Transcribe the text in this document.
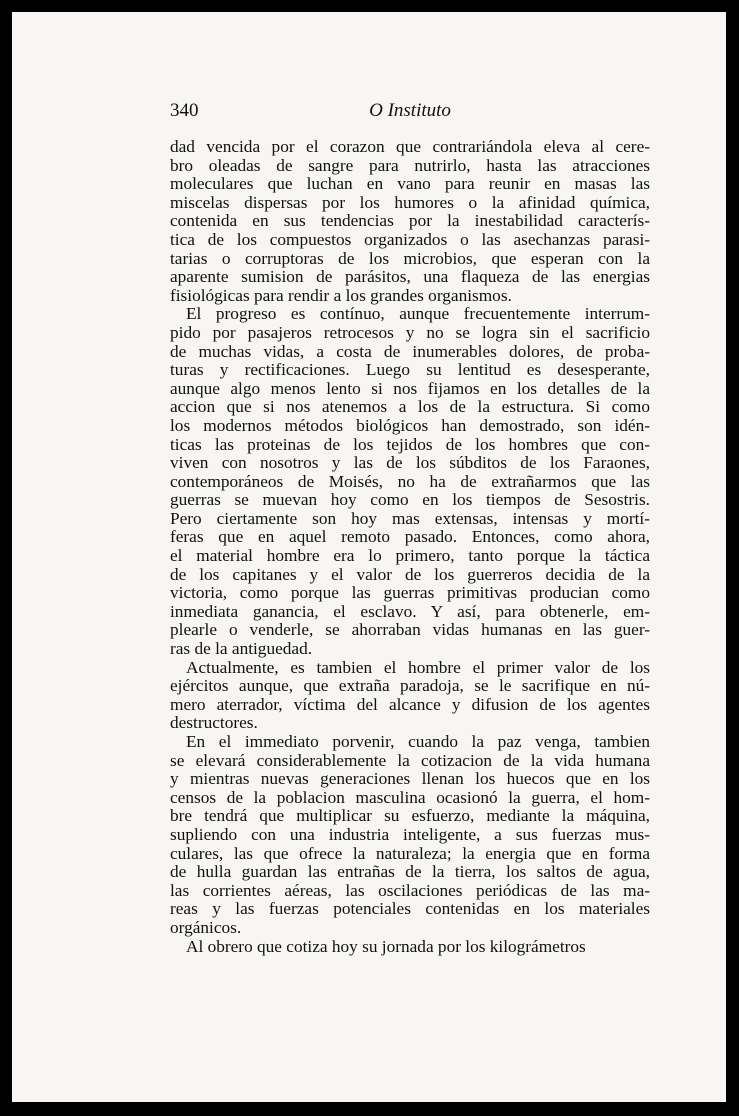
340	O Instituto
dad vencida por el corazon que contrariándola eleva al cere-
bro oleadas de sangre para nutrirlo, hasta las atracciones
moleculares que luchan en vano para reunir en masas las
miscelas dispersas por los humores o la afinidad química,
contenida en sus tendencias por la inestabilidad caracterís-
tica de los compuestos organizados o las asechanzas parasi-
tarias o corruptoras de los microbios, que esperan con la
aparente sumision de parásitos, una flaqueza de las energias
fisiológicas para rendir a los grandes organismos.
El progreso es contínuo, aunque frecuentemente interrum-
pido por pasajeros retrocesos y no se logra sin el sacrificio
de muchas vidas, a costa de inumerables dolores, de proba-
turas y rectificaciones. Luego su lentitud es desesperante,
aunque algo menos lento si nos fijamos en los detalles de la
accion que si nos atenemos a los de la estructura. Si como
los modernos métodos biológicos han demostrado, son idén-
ticas las proteinas de los tejidos de los hombres que con-
viven con nosotros y las de los súbditos de los Faraones,
contemporáneos de Moisés, no ha de extrañarmos que las
guerras se muevan hoy como en los tiempos de Sesostris.
Pero ciertamente son hoy mas extensas, intensas y mortí-
feras que en aquel remoto pasado. Entonces, como ahora,
el material hombre era lo primero, tanto porque la táctica
de los capitanes y el valor de los guerreros decidia de la
victoria, como porque las guerras primitivas producian como
inmediata ganancia, el esclavo. Y así, para obtenerle, em-
plearle o venderle, se ahorraban vidas humanas en las guer-
ras de la antiguedad.
Actualmente, es tambien el hombre el primer valor de los
ejércitos aunque, que extraña paradoja, se le sacrifique en nú-
mero aterrador, víctima del alcance y difusion de los agentes
destructores.
En el immediato porvenir, cuando la paz venga, tambien
se elevará considerablemente la cotizacion de la vida humana
y mientras nuevas generaciones llenan los huecos que en los
censos de la poblacion masculina ocasionó la guerra, el hom-
bre tendrá que multiplicar su esfuerzo, mediante la máquina,
supliendo con una industria inteligente, a sus fuerzas mus-
culares, las que ofrece la naturaleza; la energia que en forma
de hulla guardan las entrañas de la tierra, los saltos de agua,
las corrientes aéreas, las oscilaciones periódicas de las ma-
reas y las fuerzas potenciales contenidas en los materiales
orgánicos.
Al obrero que cotiza hoy su jornada por los kilográmetros
